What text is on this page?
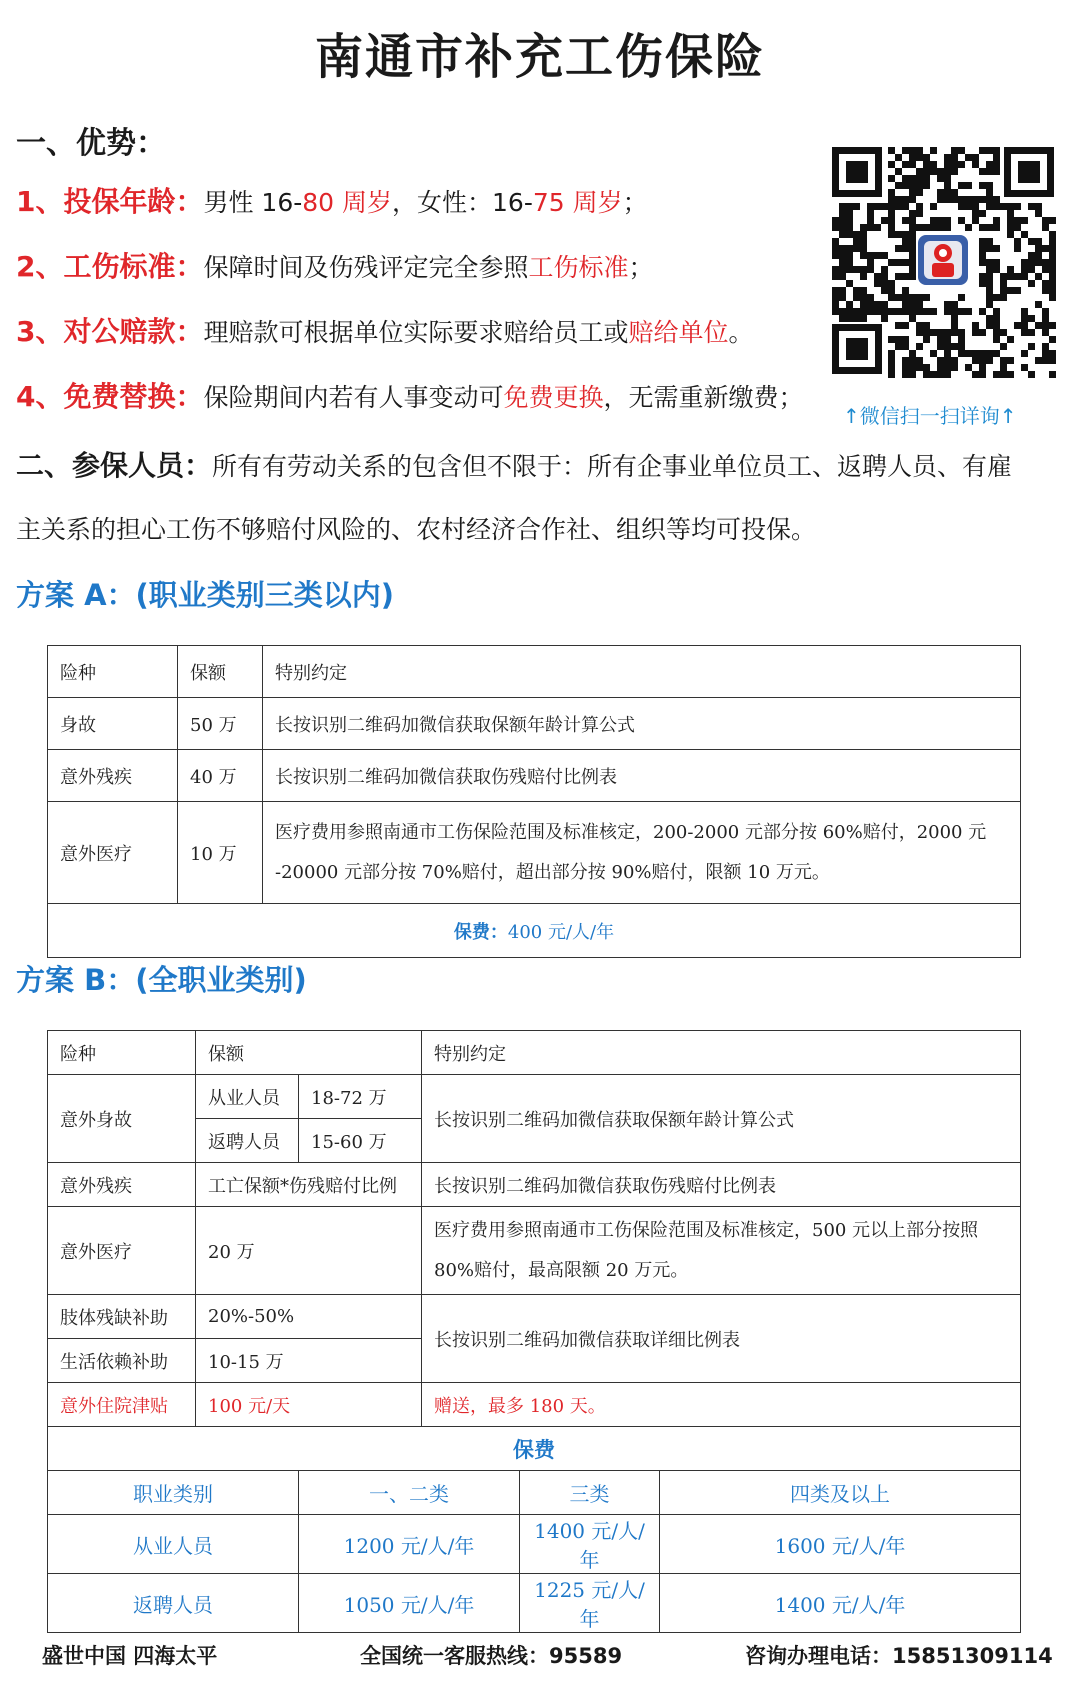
南通市补充工伤保险
一、优势：
1、投保年龄：男性 16-80 周岁，女性：16-75 周岁；
2、工伤标准：保障时间及伤残评定完全参照工伤标准；
3、对公赔款：理赔款可根据单位实际要求赔给员工或赔给单位。
4、免费替换：保险期间内若有人事变动可免费更换，无需重新缴费；
↑微信扫一扫详询↑
二、参保人员：所有有劳动关系的包含但不限于：所有企事业单位员工、返聘人员、有雇
主关系的担心工伤不够赔付风险的、农村经济合作社、组织等均可投保。
方案 A：(职业类别三类以内)
险种	保额	特别约定
身故	50 万	长按识别二维码加微信获取保额年龄计算公式
意外残疾	40 万	长按识别二维码加微信获取伤残赔付比例表
意外医疗	10 万	医疗费用参照南通市工伤保险范围及标准核定，200-2000 元部分按 60%赔付，2000 元
-20000 元部分按 70%赔付，超出部分按 90%赔付，限额 10 万元。

保费：400 元/人/年		
方案 B：(全职业类别)
险种	保额		特别约定		
意外身故	从业人员	18-72 万	长按识别二维码加微信获取保额年龄计算公式		
	返聘人员	15-60 万			
意外残疾	工亡保额*伤残赔付比例		长按识别二维码加微信获取伤残赔付比例表		
意外医疗	20 万		医疗费用参照南通市工伤保险范围及标准核定，500 元以上部分按照
80%赔付，最高限额 20 万元。		

肢体残缺补助	20%-50%		长按识别二维码加微信获取详细比例表		
生活依赖补助	10-15 万				
意外住院津贴	100 元/天		赠送，最多 180 天。		
保费					
职业类别		一、二类		三类	四类及以上
从业人员		1200 元/人/年		1400 元/人/年	1600 元/人/年
返聘人员		1050 元/人/年		1225 元/人/年	1400 元/人/年
盛世中国 四海太平	全国统一客服热线：95589	咨询办理电话：15851309114
